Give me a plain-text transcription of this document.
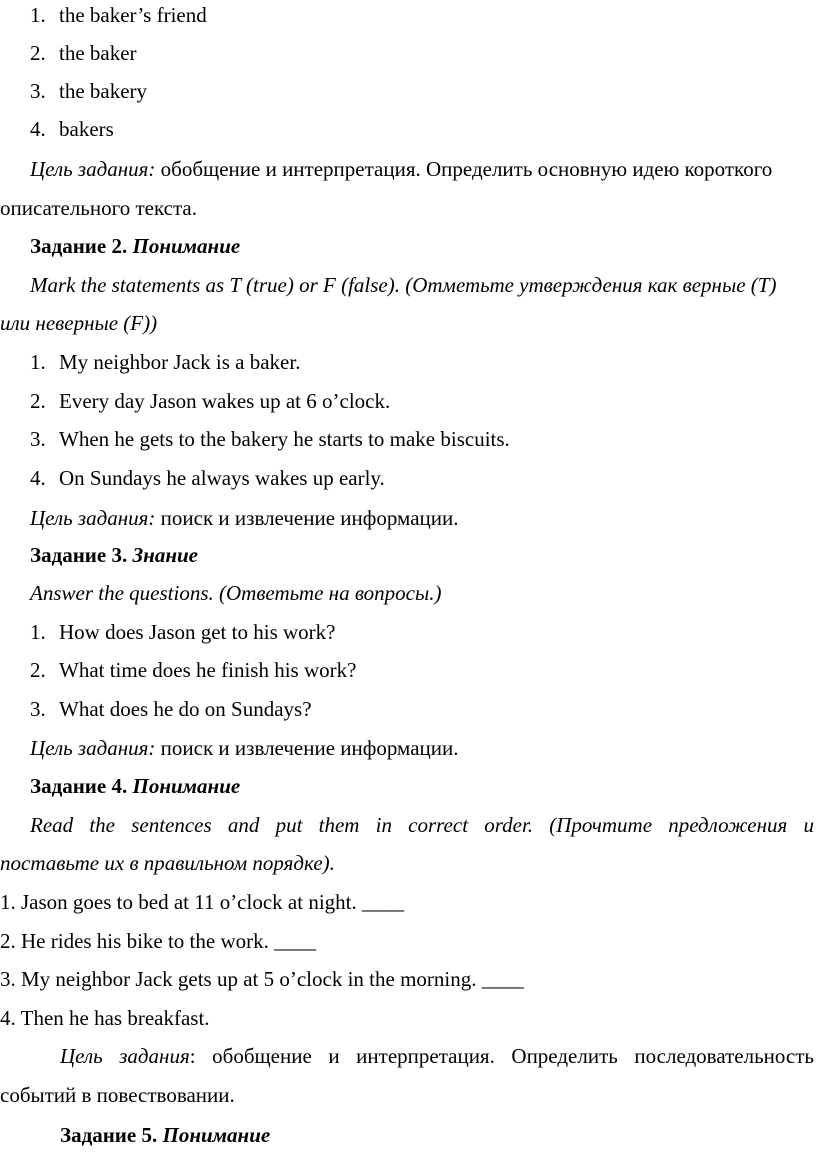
1. the baker’s friend
2. the baker
3. the bakery
4. bakers
Цель задания: обобщение и интерпретация. Определить основную идею короткого
описательного текста.
Задание 2. Понимание
Mark the statements as T (true) or F (false). (Отметьте утверждения как верные (T)
или неверные (F))
1. My neighbor Jack is a baker.
2. Every day Jason wakes up at 6 o’clock.
3. When he gets to the bakery he starts to make biscuits.
4. On Sundays he always wakes up early.
Цель задания: поиск и извлечение информации.
Задание 3. Знание
Answer the questions. (Ответьте на вопросы.)
1. How does Jason get to his work?
2. What time does he finish his work?
3. What does he do on Sundays?
Цель задания: поиск и извлечение информации.
Задание 4. Понимание
Read the sentences and put them in correct order. (Прочтите предложения и
поставьте их в правильном порядке).
1. Jason goes to bed at 11 o’clock at night. ____
2. He rides his bike to the work. ____
3. My neighbor Jack gets up at 5 o’clock in the morning. ____
4. Then he has breakfast.
Цель задания: обобщение и интерпретация. Определить последовательность
событий в повествовании.
Задание 5. Понимание
